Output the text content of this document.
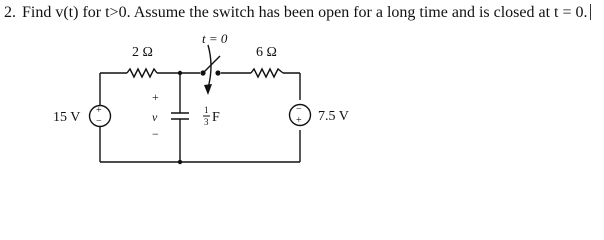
2. Find v(t) for t>0. Assume the switch has been open for a long time and is closed at t = 0.
2 Ω
t = 0
6 Ω
+
v
−
1
3 F
+
−
15 V
−
+ 7.5 V
